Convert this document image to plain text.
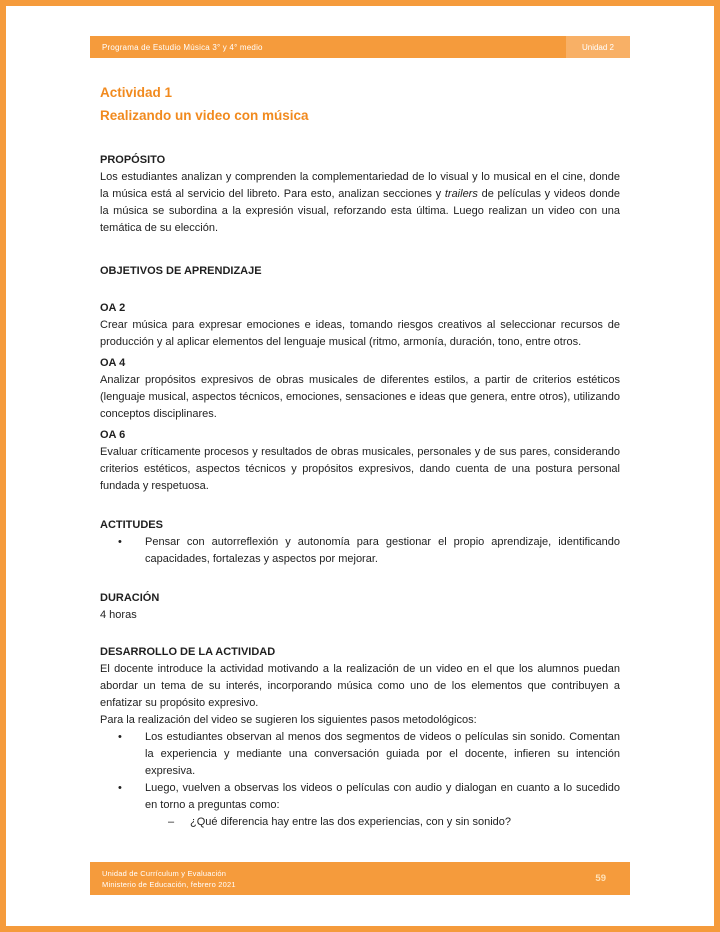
Programa de Estudio Música 3° y 4° medio	Unidad 2
Actividad 1
Realizando un video con música
PROPÓSITO

Los estudiantes analizan y comprenden la complementariedad de lo visual y lo musical en el cine, donde la música está al servicio del libreto. Para esto, analizan secciones y trailers de películas y videos donde la música se subordina a la expresión visual, reforzando esta última. Luego realizan un video con una temática de su elección.

OBJETIVOS DE APRENDIZAJE
OA 2

Crear música para expresar emociones e ideas, tomando riesgos creativos al seleccionar recursos de producción y al aplicar elementos del lenguaje musical (ritmo, armonía, duración, tono, entre otros.

OA 4

Analizar propósitos expresivos de obras musicales de diferentes estilos, a partir de criterios estéticos (lenguaje musical, aspectos técnicos, emociones, sensaciones e ideas que genera, entre otros), utilizando conceptos disciplinares.

OA 6

Evaluar críticamente procesos y resultados de obras musicales, personales y de sus pares, considerando criterios estéticos, aspectos técnicos y propósitos expresivos, dando cuenta de una postura personal fundada y respetuosa.

ACTITUDES
•	Pensar con autorreflexión y autonomía para gestionar el propio aprendizaje, identificando capacidades, fortalezas y aspectos por mejorar.
DURACIÓN

4 horas

DESARROLLO DE LA ACTIVIDAD

El docente introduce la actividad motivando a la realización de un video en el que los alumnos puedan abordar un tema de su interés, incorporando música como uno de los elementos que contribuyen a enfatizar su propósito expresivo.

Para la realización del video se sugieren los siguientes pasos metodológicos:

•	Los estudiantes observan al menos dos segmentos de videos o películas sin sonido. Comentan la experiencia y mediante una conversación guiada por el docente, infieren su intención expresiva.
•	Luego, vuelven a observas los videos o películas con audio y dialogan en cuanto a lo sucedido en torno a preguntas como:
–	¿Qué diferencia hay entre las dos experiencias, con y sin sonido?
Unidad de Currículum y Evaluación
Ministerio de Educación, febrero 2021	59
